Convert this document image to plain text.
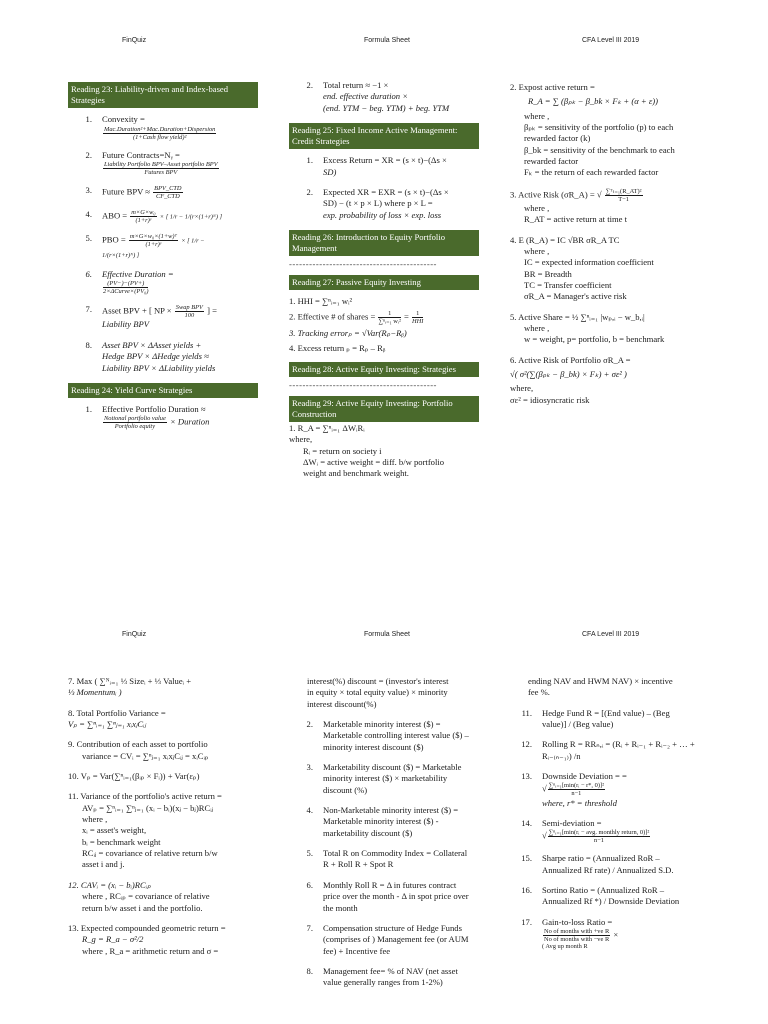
FinQuiz	Formula Sheet	CFA Level III 2019
Reading 23: Liability-driven and Index-based Strategies
1.	Convexity =

$\frac{\text{Mac.Duration²+Mac.Duration+Dispersion}}{\text{(1+Cash flow yield)²}}$
2.	Future Contracts=Nᵧ =

$\frac{\text{Liability Portfolio BPV–Asset portfolio BPV}}{\text{Futures BPV}}$
3.	Future BPV ≈ $\frac{\text{BPV\_CTD}}{\text{CF\_CTD}}$
4.	ABO = $\frac{\text{m×G×w₀}}{\text{(1+r)ʸ}}$ × [ 1/r − 1/(r×(1+r)ᴺ) ]
5.	PBO = $\frac{\text{m×G×w₀×(1+w)ᵀ}}{\text{(1+r)ʸ}}$ × [ 1/r −
1/(r×(1+r)ᴺ) ]
6.	Effective Duration =

$\frac{(PV-)-(PV+)}{\text{2×ΔCurve×(PV₀)}}$
7.	Asset BPV + [ NP × $\frac{\text{Swap BPV}}{100}$ ] =
Liability BPV
8.	Asset BPV × ΔAsset yields +
Hedge BPV × ΔHedge yields ≈
Liability BPV × ΔLiability yields
Reading 24: Yield Curve Strategies
1.	Effective Portfolio Duration ≈

$\frac{\text{Notional portfolio value}}{\text{Portfolio equity}}$ × Duration
2.	Total return ≈ −1 ×
end. effective duration ×
(end. YTM − beg. YTM) + beg. YTM
Reading 25: Fixed Income Active Management: Credit Strategies
1.	Excess Return = XR = (s × t)−(Δs ×
SD)
2.	Expected XR = EXR = (s × t)−(Δs ×
SD) − (t × p × L) where p × L =
exp. probability of loss × exp. loss
Reading 26: Introduction to Equity Portfolio Management
--------------------------------------------
Reading 27: Passive Equity Investing
1. HHI = ∑ⁿᵢ₌₁ wᵢ²
2. Effective # of shares = $\frac{1}{\text{∑ⁿᵢ₌₁ wᵢ²}} = \frac{1}{\text{HHI}}$
3. Tracking errorₚ = √Var(Rₚ−Rᵦ)
4. Excess return ₚ = Rₚ – Rᵦ
Reading 28: Active Equity Investing: Strategies
--------------------------------------------
Reading 29: Active Equity Investing: Portfolio Construction
1. R_A = ∑ⁿᵢ₌₁ ΔWᵢRᵢ
where,
Rᵢ = return on society i
ΔWᵢ = active weight = diff. b/w portfolio
weight and benchmark weight.
2. Expost active return =
R_A = ∑ (βₚₖ − β_bk × Fₖ + (α + ε))
where ,
βₚₖ = sensitivity of the portfolio (p) to each
rewarded factor (k)
β_bk = sensitivity of the benchmark to each
rewarded factor
Fₖ = the return of each rewarded factor
3. Active Risk (σR_A) = √ $\frac{\text{∑ᵀₜ₌₁(R\_AT)²}}{T-1}$
where ,
R_AT = active return at time t
4. E (R_A) = IC √BR σR_A TC
where ,
IC = expected information coefficient
BR = Breadth
TC = Transfer coefficient
σR_A = Manager's active risk
5. Active Share = ½ ∑ⁿᵢ₌₁ |wₚ,ᵢ − w_b,ᵢ|
where ,
w = weight, p= portfolio, b = benchmark
6. Active Risk of Portfolio σR_A =
√( σ²(∑(βₚₖ − β_bk) × Fₖ) + σε² )
where,
σε² = idiosyncratic risk
FinQuiz	Formula Sheet	CFA Level III 2019
7. Max ( ∑ᴺᵢ₌₁ ⅓ Sizeᵢ + ⅓ Valueᵢ +
⅓ Momentumᵢ )
8. Total Portfolio Variance =
Vₚ = ∑ⁿᵢ₌₁ ∑ⁿⱼ₌₁ xᵢxⱼCᵢⱼ
9. Contribution of each asset to portfolio
variance = CVᵢ = ∑ⁿⱼ₌₁ xᵢxⱼCᵢⱼ = xᵢCᵢₚ
10. Vₚ = Var(∑ⁿᵢ₌₁(βᵢₚ × Fᵢ)) + Var(εₚ)
11. Variance of the portfolio's active return =
AVₚ = ∑ⁿᵢ₌₁ ∑ⁿⱼ₌₁ (xᵢ − bᵢ)(xⱼ − bⱼ)RCᵢⱼ
where ,
xᵢ = asset's weight,
bᵢ = benchmark weight
RCᵢⱼ = covariance of relative return b/w
asset i and j.
12. CAVᵢ = (xᵢ − bᵢ)RCᵢₚ
where , RCᵢₚ = covariance of relative
return b/w asset i and the portfolio.
13. Expected compounded geometric return =
R_g = R_a − σ²/2
where , R_a = arithmetic return and σ =
interest(%) discount = (investor's interest
in equity × total equity value) × minority
interest discount(%)
2.	Marketable minority interest ($) =
Marketable controlling interest value ($) –
minority interest discount ($)
3.	Marketability discount ($) = Marketable
minority interest ($) × marketability
discount (%)
4.	Non-Marketable minority interest ($) =
Marketable minority interest ($) -
marketability discount ($)
5.	Total R on Commodity Index = Collateral
R + Roll R + Spot R
6.	Monthly Roll R = Δ in futures contract
price over the month - Δ in spot price over
the month
7.	Compensation structure of Hedge Funds
(comprises of ) Management fee (or AUM
fee) + Incentive fee
8.	Management fee= % of NAV (net asset
value generally ranges from 1-2%)
ending NAV and HWM NAV) × incentive
fee %.
11.	Hedge Fund R = [(End value) – (Beg
value)] / (Beg value)
12.	Rolling R = RRₙ,ᵢ = (Rᵢ + Rᵢ₋₁ + Rᵢ₋₂ + … +
Rᵢ₋₍ₙ₋₁₎) /n
13.	Downside Deviation = =
√ $\frac{\text{∑ⁿᵢ₌₁[min(rᵢ − r*, 0)]²}}{n-1}$
where, r* = threshold
14.	Semi-deviation =
√ $\frac{\text{∑ⁿᵢ₌₁[min(rᵢ − avg. monthly return, 0)]²}}{n-1}$
15.	Sharpe ratio = (Annualized RoR –
Annualized Rf rate) / Annualized S.D.
16.	Sortino Ratio = (Annualized RoR –
Annualized Rf *) / Downside Deviation
17.	Gain-to-loss Ratio =
$\frac{\text{No of months with +ve R}}{\text{No of months with −ve R}}$ ×
( Avg up month R
